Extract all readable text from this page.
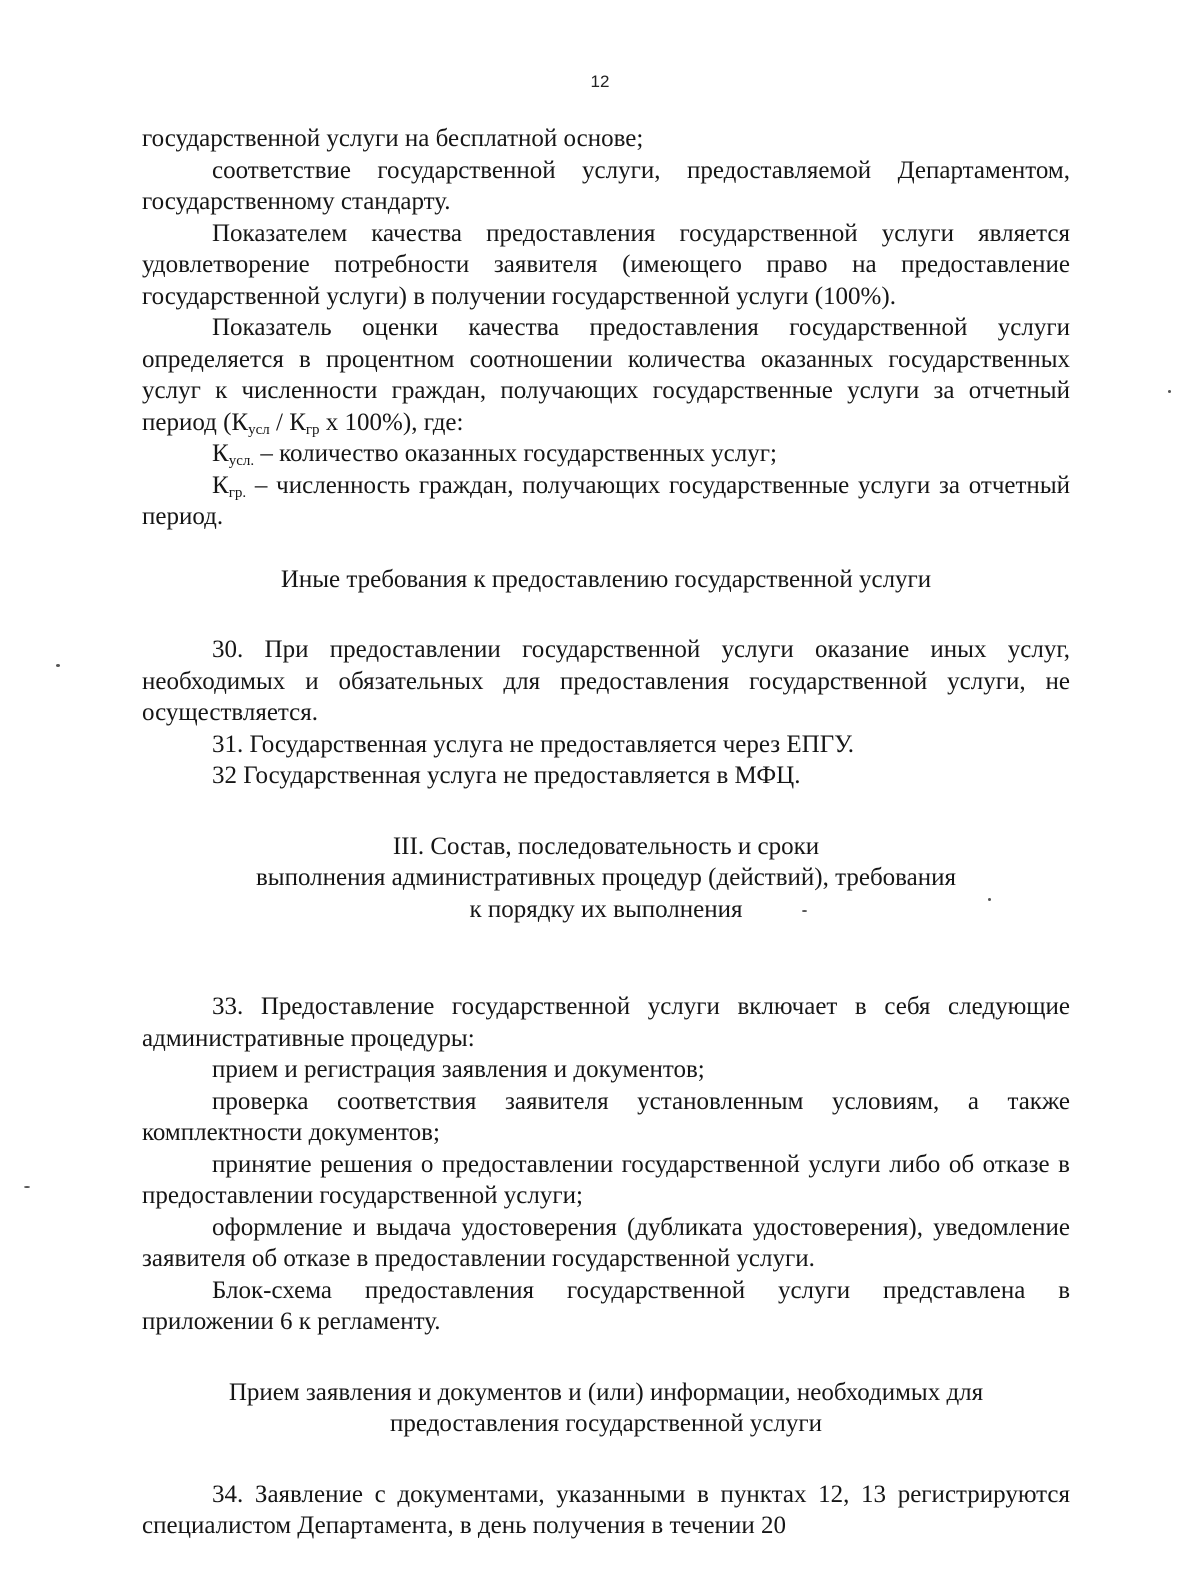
12

государственной услуги на бесплатной основе;

соответствие государственной услуги, предоставляемой Департаментом, государственному стандарту.

Показателем качества предоставления государственной услуги является удовлетворение потребности заявителя (имеющего право на предоставление государственной услуги) в получении государственной услуги (100%).

Показатель оценки качества предоставления государственной услуги определяется в процентном соотношении количества оказанных государственных услуг к численности граждан, получающих государственные услуги за отчетный период ($К_{усл} / К_{гр}$ х 100%), где:

$К_{усл.}$ – количество оказанных государственных услуг;

$К_{гр.}$ – численность граждан, получающих государственные услуги за отчетный период.

Иные требования к предоставлению государственной услуги

30. При предоставлении государственной услуги оказание иных услуг, необходимых и обязательных для предоставления государственной услуги, не осуществляется.

31. Государственная услуга не предоставляется через ЕПГУ.

32 Государственная услуга не предоставляется в МФЦ.

III. Состав, последовательность и сроки

выполнения административных процедур (действий), требования

к порядку их выполнения

33. Предоставление государственной услуги включает в себя следующие административные процедуры:

прием и регистрация заявления и документов;

проверка соответствия заявителя установленным условиям, а также комплектности документов;

принятие решения о предоставлении государственной услуги либо об отказе в предоставлении государственной услуги;

оформление и выдача удостоверения (дубликата удостоверения), уведомление заявителя об отказе в предоставлении государственной услуги.

Блок-схема предоставления государственной услуги представлена в приложении 6 к регламенту.

Прием заявления и документов и (или) информации, необходимых для

предоставления государственной услуги

34. Заявление с документами, указанными в пунктах 12, 13 регистрируются специалистом Департамента, в день получения в течении 20
